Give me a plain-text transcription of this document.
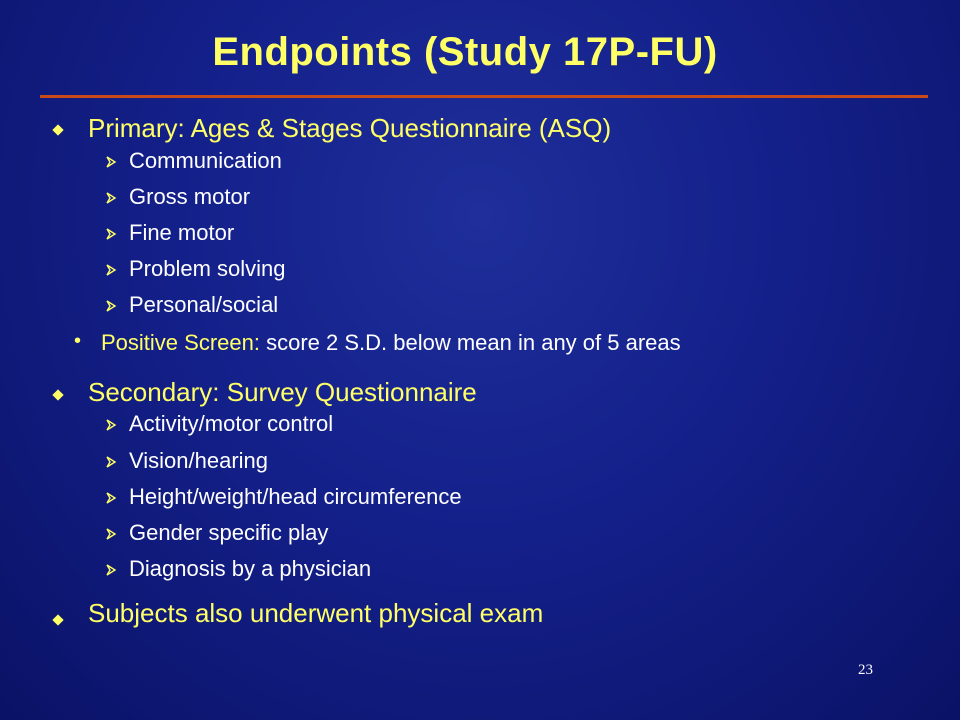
Endpoints (Study 17P-FU)
Primary: Ages & Stages Questionnaire (ASQ)
Communication
Gross motor
Fine motor
Problem solving
Personal/social
• Positive Screen: score 2 S.D. below mean in any of 5 areas
Secondary: Survey Questionnaire
Activity/motor control
Vision/hearing
Height/weight/head circumference
Gender specific play
Diagnosis by a physician
Subjects also underwent physical exam
23
